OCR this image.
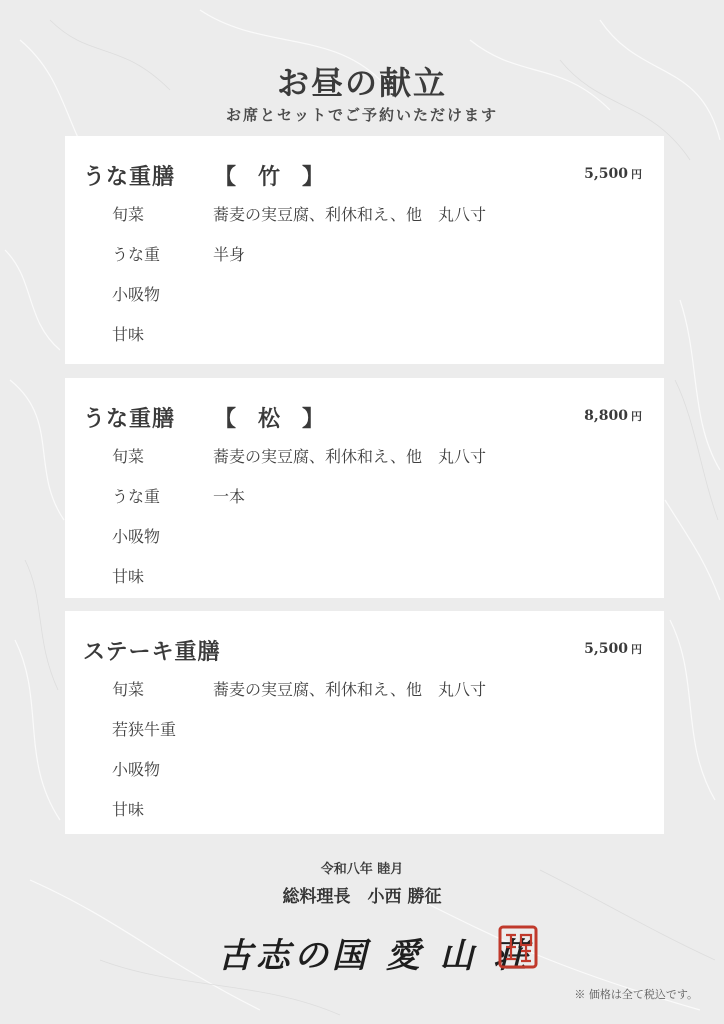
お昼の献立
お席とセットでご予約いただけます
うな重膳 【　竹　】	5,500 円
旬菜	蕎麦の実豆腐、利休和え、他　丸八寸
うな重	半身
小吸物
甘味
うな重膳 【　松　】	8,800 円
旬菜	蕎麦の実豆腐、利休和え、他　丸八寸
うな重	一本
小吸物
甘味
ステーキ重膳	5,500 円
旬菜	蕎麦の実豆腐、利休和え、他　丸八寸
若狭牛重
小吸物
甘味
令和八年 睦月
総料理長　小西 勝征
古志の国 愛 山 荘
※ 価格は全て税込です。
